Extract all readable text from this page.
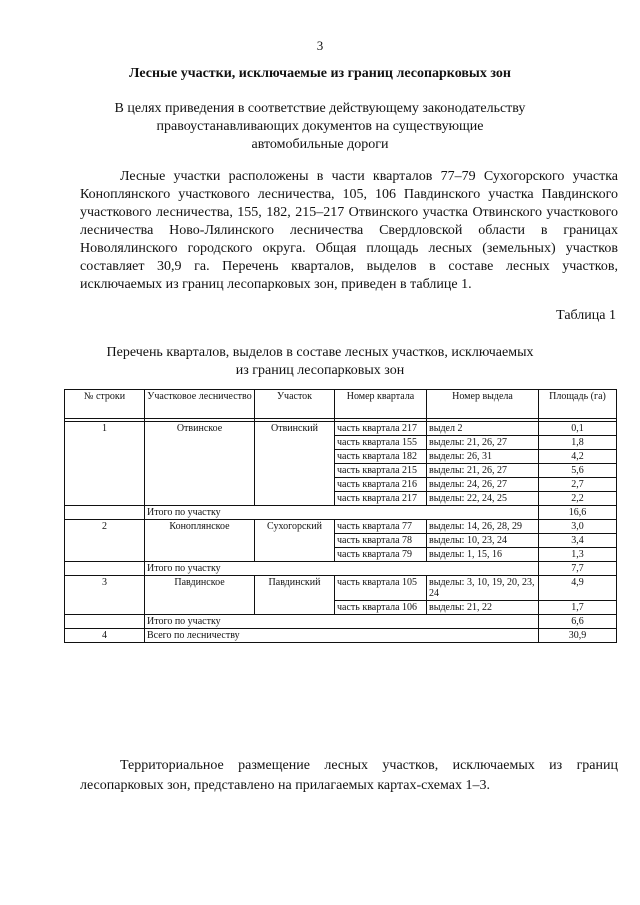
3
Лесные участки, исключаемые из границ лесопарковых зон
В целях приведения в соответствие действующему законодательству
правоустанавливающих документов на существующие
автомобильные дороги
Лесные участки расположены в части кварталов 77–79 Сухогорского участка Коноплянского участкового лесничества, 105, 106 Павдинского участка Павдинского участкового лесничества, 155, 182, 215–217 Отвинского участка Отвинского участкового лесничества Ново-Лялинского лесничества Свердловской области в границах Новолялинского городского округа. Общая площадь лесных (земельных) участков составляет 30,9 га. Перечень кварталов, выделов в составе лесных участков, исключаемых из границ лесопарковых зон, приведен в таблице 1.
Таблица 1
Перечень кварталов, выделов в составе лесных участков, исключаемых
из границ лесопарковых зон
№ строки	Участковое лесничество	Участок	Номер квартала	Номер выдела	Площадь (га)

1	Отвинское	Отвинский	часть квартала 217	выдел 2	0,1
			часть квартала 155	выделы: 21, 26, 27	1,8
			часть квартала 182	выделы: 26, 31	4,2
			часть квартала 215	выделы: 21, 26, 27	5,6
			часть квартала 216	выделы: 24, 26, 27	2,7
			часть квартала 217	выделы: 22, 24, 25	2,2
	Итого по участку				16,6
2	Коноплянское	Сухогорский	часть квартала 77	выделы: 14, 26, 28, 29	3,0
			часть квартала 78	выделы: 10, 23, 24	3,4
			часть квартала 79	выделы: 1, 15, 16	1,3
	Итого по участку				7,7
3	Павдинское	Павдинский	часть квартала 105	выделы: 3, 10, 19, 20, 23, 24	4,9
			часть квартала 106	выделы: 21, 22	1,7
	Итого по участку				6,6
4	Всего по лесничеству				30,9
Территориальное размещение лесных участков, исключаемых из границ лесопарковых зон, представлено на прилагаемых картах-схемах 1–3.
